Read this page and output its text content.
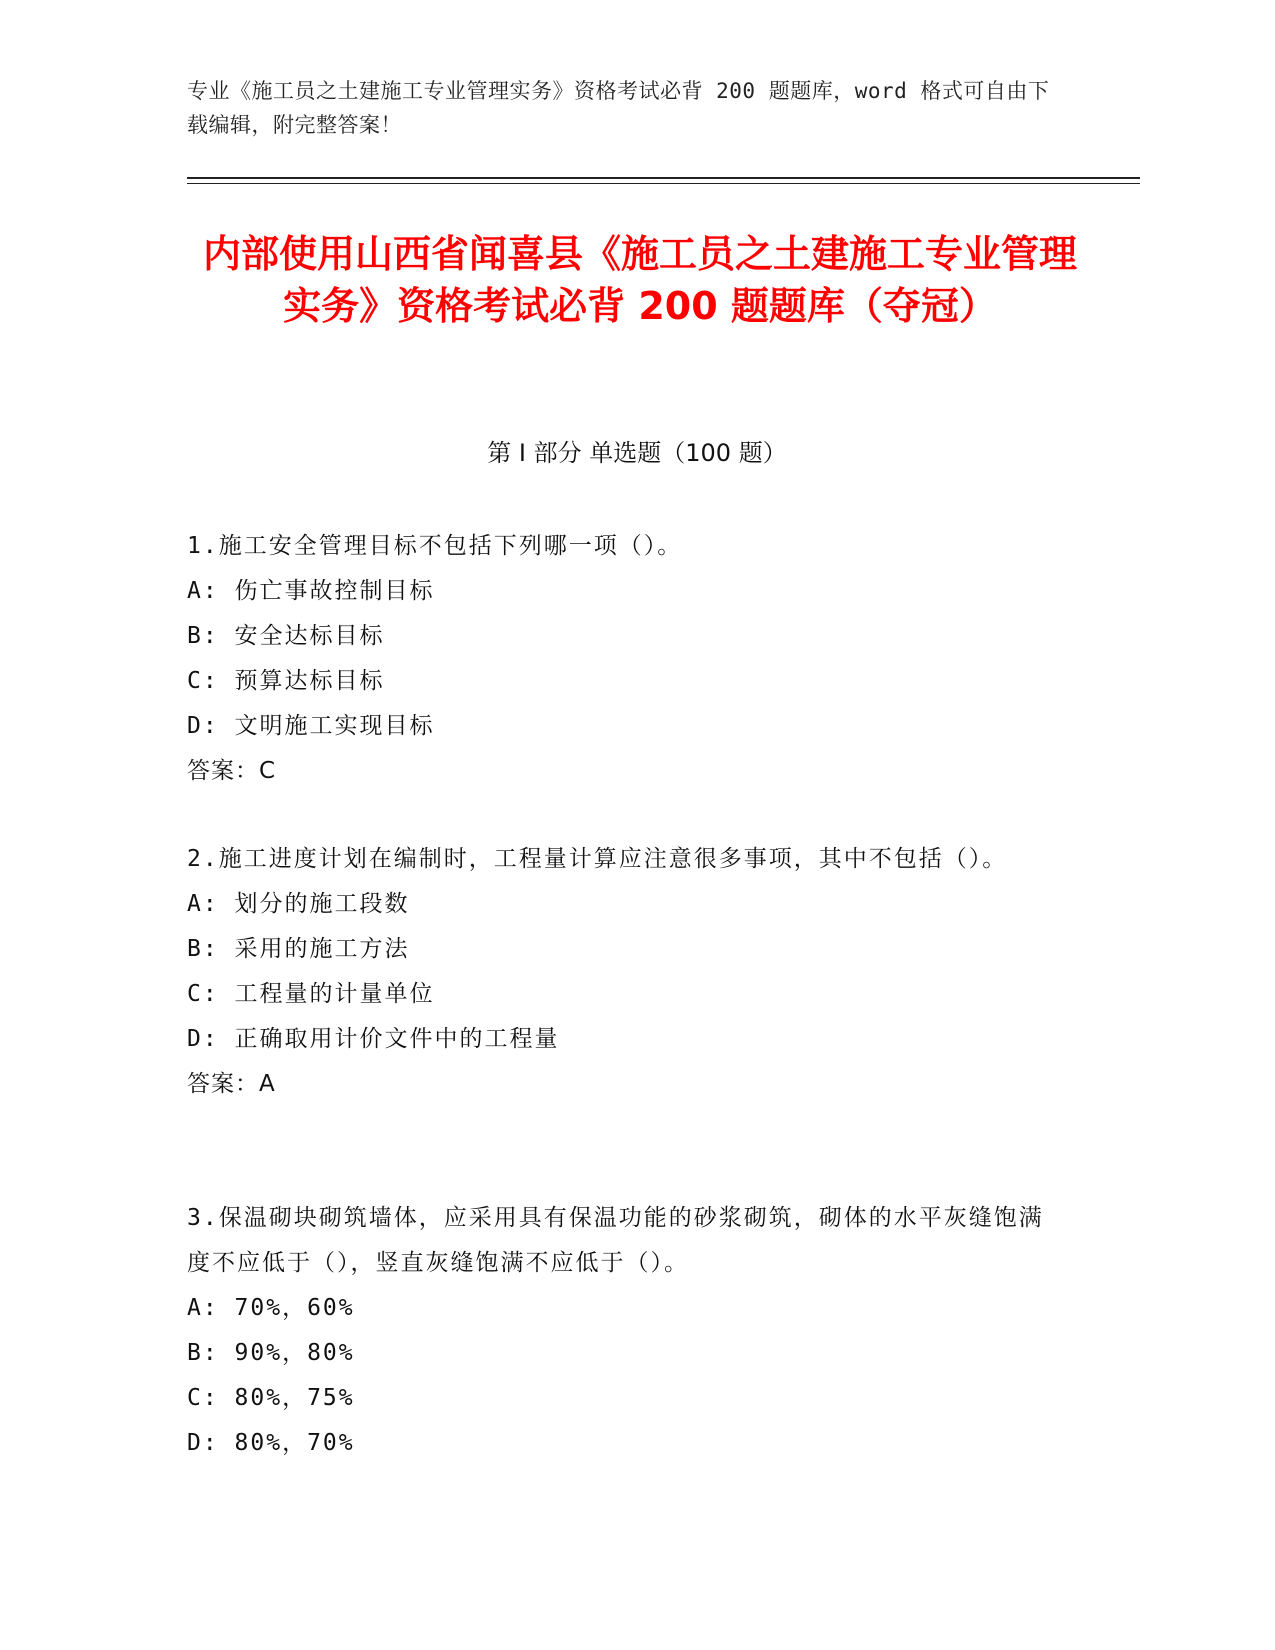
专业《施工员之土建施工专业管理实务》资格考试必背 200 题题库，word 格式可自由下载编辑，附完整答案！
内部使用山西省闻喜县《施工员之土建施工专业管理实务》资格考试必背 200 题题库（夺冠）
第 I 部分 单选题（100 题）
1.施工安全管理目标不包括下列哪一项（）。
A: 伤亡事故控制目标
B: 安全达标目标
C: 预算达标目标
D: 文明施工实现目标
答案：C
2.施工进度计划在编制时，工程量计算应注意很多事项，其中不包括（）。
A: 划分的施工段数
B: 采用的施工方法
C: 工程量的计量单位
D: 正确取用计价文件中的工程量
答案：A
3.保温砌块砌筑墙体，应采用具有保温功能的砂浆砌筑，砌体的水平灰缝饱满度不应低于（），竖直灰缝饱满不应低于（）。
A: 70%，60%
B: 90%，80%
C: 80%，75%
D: 80%，70%
